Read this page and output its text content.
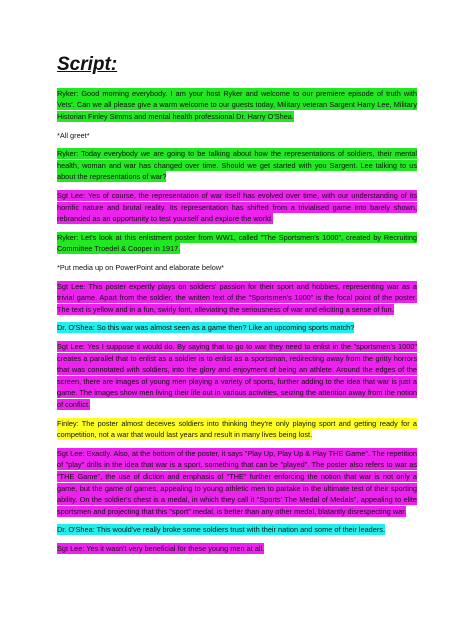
Script:

Ryker: Good morning everybody. I am your host Ryker and welcome to our premiere episode of truth with Vets'. Can we all please give a warm welcome to our guests today, Military veteran Sargent Harry Lee, Military Historian Finley Simms and mental health professional Dr. Harry O'Shea.

*All greet*

Ryker: Today everybody we are going to be talking about how the representations of soldiers, their mental health, woman and war has changed over time. Should we get started with you Sargent. Lee talking to us about the representations of war?

Sgt Lee: Yes of course, the representation of war itself has evolved over time, with our understanding of its horrific nature and brutal reality. Its representation has shifted from a trivialised game into barely shown, rebranded as an opportunity to test yourself and explore the world.

Ryker: Let's look at this enlistment poster from WW1, called "The Sportsmen's 1000", created by Recruiting Committee Troedel & Cooper in 1917.

*Put media up on PowerPoint and elaborate below*

Sgt Lee: This poster expertly plays on soldiers' passion for their sport and hobbies, representing war as a trivial game. Apart from the soldier, the written text of the "Sportsmen's 1000" is the focal point of the poster. The text is yellow and in a fun, swirly font, alleviating the seriousness of war and eliciting a sense of fun.

Dr. O'Shea: So this war was almost seen as a game then? Like an upcoming sports match?

Sgt Lee: Yes I suppose it would do. By saying that to go to war they need to enlist in the "sportsmen's 1000" creates a parallel that to enlist as a soldier is to enlist as a sportsman, redirecting away from the gritty horrors that was connotated with soldiers, into the glory and enjoyment of being an athlete. Around the edges of the screen, there are images of young men playing a variety of sports, further adding to the idea that war is just a game. The images show men living their life out in various activities, seizing the attention away from the notion of conflict.

Finley: The poster almost deceives soldiers into thinking they're only playing sport and getting ready for a competition, not a war that would last years and result in many lives being lost.

Sgt Lee: Exactly. Also, at the bottom of the poster, it says "Play Up, Play Up & Play THE Game". The repetition of "play" drills in the idea that war is a sport, something that can be "played". The poster also refers to war as "THE Game", the use of diction and emphasis of "THE" further enforcing the notion that war is not only a game, but the game of games, appealing to young athletic men to partake in the ultimate test of their sporting ability. On the soldier's chest is a medal, in which they call it "Sports' The Medal of Medals", appealing to elite sportsmen and projecting that this "sport" medal, is better than any other medal, blatantly disrespecting war.

Dr. O'Shea: This would've really broke some soldiers trust with their nation and some of their leaders.

Sgt Lee: Yes it wasn't very beneficial for these young men at all.
